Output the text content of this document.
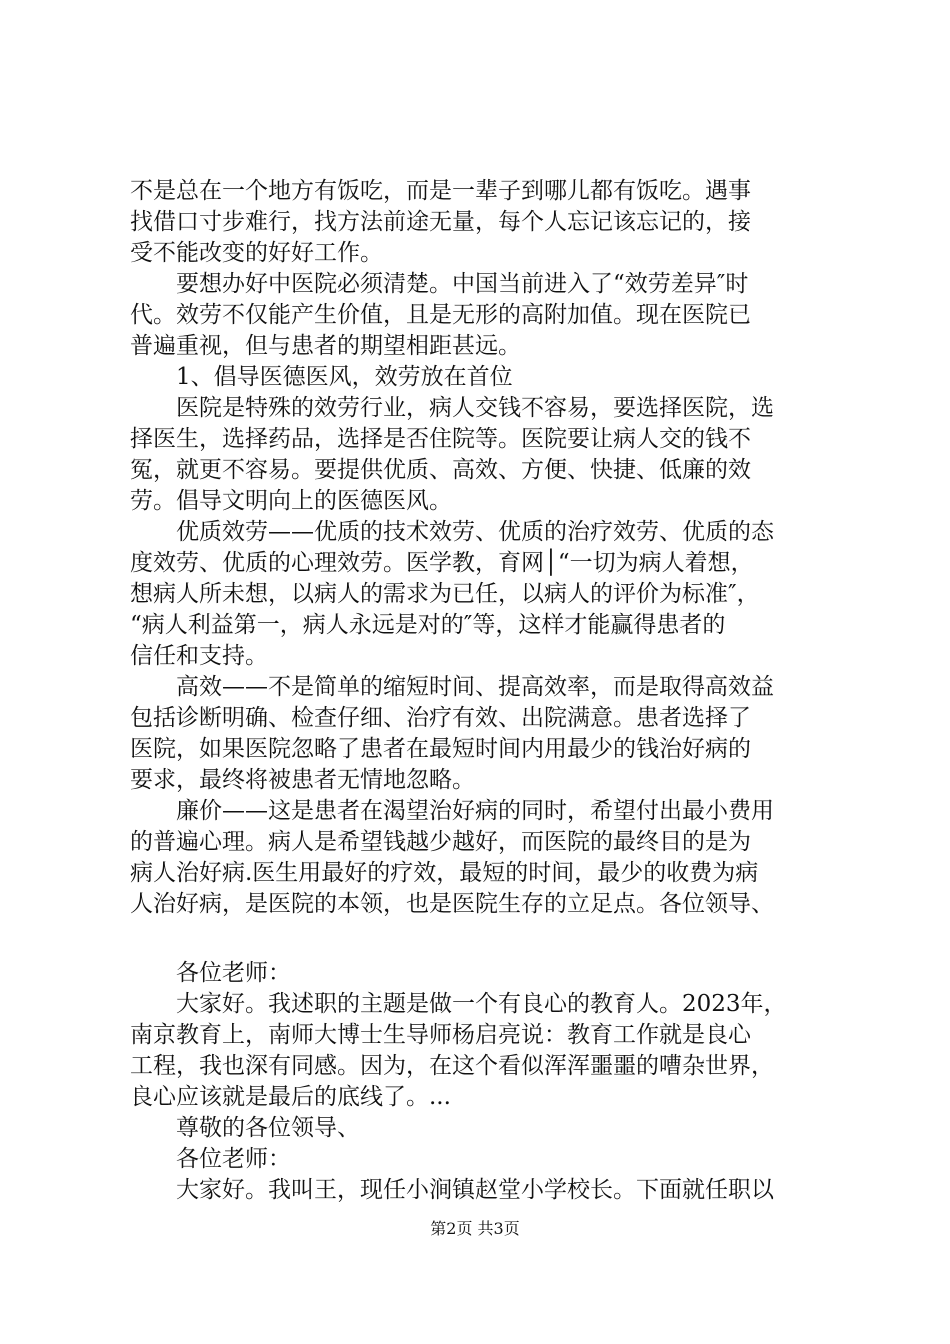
不是总在一个地方有饭吃，而是一辈子到哪儿都有饭吃。遇事
找借口寸步难行，找方法前途无量，每个人忘记该忘记的，接
受不能改变的好好工作。
要想办好中医院必须清楚。中国当前进入了“效劳差异″时
代。效劳不仅能产生价值，且是无形的高附加值。现在医院已
普遍重视，但与患者的期望相距甚远。
1、倡导医德医风，效劳放在首位
医院是特殊的效劳行业，病人交钱不容易，要选择医院，选
择医生，选择药品，选择是否住院等。医院要让病人交的钱不
冤，就更不容易。要提供优质、高效、方便、快捷、低廉的效
劳。倡导文明向上的医德医风。
优质效劳——优质的技术效劳、优质的治疗效劳、优质的态
度效劳、优质的心理效劳。医学教，育网│“一切为病人着想，
想病人所未想，以病人的需求为已任，以病人的评价为标准″，
“病人利益第一，病人永远是对的″等，这样才能赢得患者的
信任和支持。
高效——不是简单的缩短时间、提高效率，而是取得高效益
包括诊断明确、检查仔细、治疗有效、出院满意。患者选择了
医院，如果医院忽略了患者在最短时间内用最少的钱治好病的
要求，最终将被患者无情地忽略。
廉价——这是患者在渴望治好病的同时，希望付出最小费用
的普遍心理。病人是希望钱越少越好，而医院的最终目的是为
病人治好病.医生用最好的疗效，最短的时间，最少的收费为病
人治好病，是医院的本领，也是医院生存的立足点。各位领导、
各位老师：
大家好。我述职的主题是做一个有良心的教育人。2023年，
南京教育上，南师大博士生导师杨启亮说：教育工作就是良心
工程，我也深有同感。因为，在这个看似浑浑噩噩的嘈杂世界，
良心应该就是最后的底线了。...
尊敬的各位领导、
各位老师：
大家好。我叫王，现任小涧镇赵堂小学校长。下面就任职以
第2页 共3页
